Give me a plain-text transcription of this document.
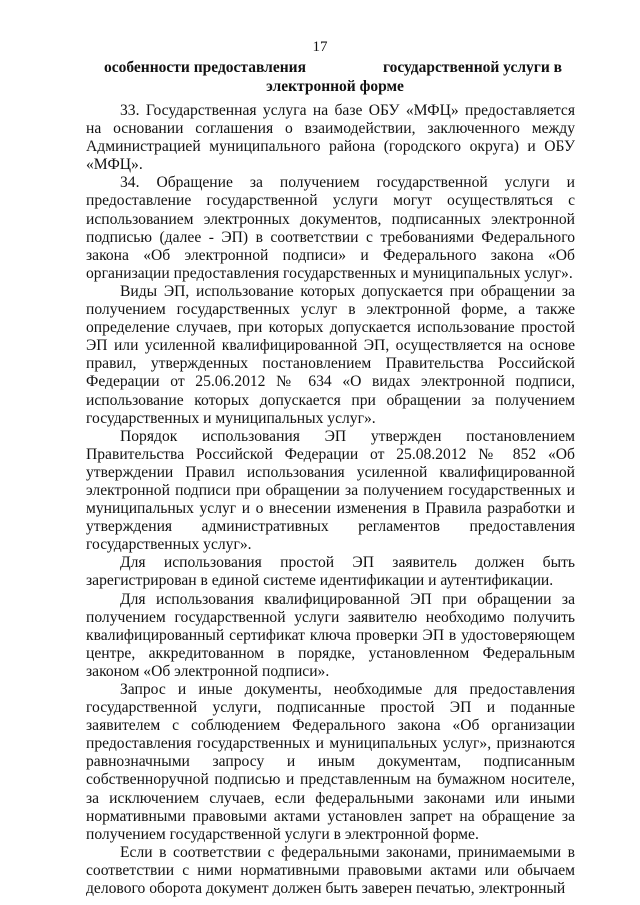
17
особенности предоставления	государственной услуги в
электронной форме

33. Государственная услуга на базе ОБУ «МФЦ» предоставляется на основании соглашения о взаимодействии, заключенного между Администрацией муниципального района (городского округа) и ОБУ «МФЦ».

34. Обращение за получением государственной услуги и предоставление государственной услуги могут осуществляться с использованием электронных документов, подписанных электронной подписью (далее - ЭП) в соответствии с требованиями Федерального закона «Об электронной подписи» и Федерального закона «Об организации предоставления государственных и муниципальных услуг».

Виды ЭП, использование которых допускается при обращении за получением государственных услуг в электронной форме, а также определение случаев, при которых допускается использование простой ЭП или усиленной квалифицированной ЭП, осуществляется на основе правил, утвержденных постановлением Правительства Российской Федерации от 25.06.2012 № 634 «О видах электронной подписи, использование которых допускается при обращении за получением государственных и муниципальных услуг».

Порядок использования ЭП утвержден постановлением Правительства Российской Федерации от 25.08.2012 № 852 «Об утверждении Правил использования усиленной квалифицированной электронной подписи при обращении за получением государственных и муниципальных услуг и о внесении изменения в Правила разработки и утверждения административных регламентов предоставления государственных услуг».

Для использования простой ЭП заявитель должен быть зарегистрирован в единой системе идентификации и аутентификации.

Для использования квалифицированной ЭП при обращении за получением государственной услуги заявителю необходимо получить квалифицированный сертификат ключа проверки ЭП в удостоверяющем центре, аккредитованном в порядке, установленном Федеральным законом «Об электронной подписи».

Запрос и иные документы, необходимые для предоставления государственной услуги, подписанные простой ЭП и поданные заявителем с соблюдением Федерального закона «Об организации предоставления государственных и муниципальных услуг», признаются равнозначными запросу и иным документам, подписанным собственноручной подписью и представленным на бумажном носителе, за исключением случаев, если федеральными законами или иными нормативными правовыми актами установлен запрет на обращение за получением государственной услуги в электронной форме.

Если в соответствии с федеральными законами, принимаемыми в соответствии с ними нормативными правовыми актами или обычаем делового оборота документ должен быть заверен печатью, электронный
